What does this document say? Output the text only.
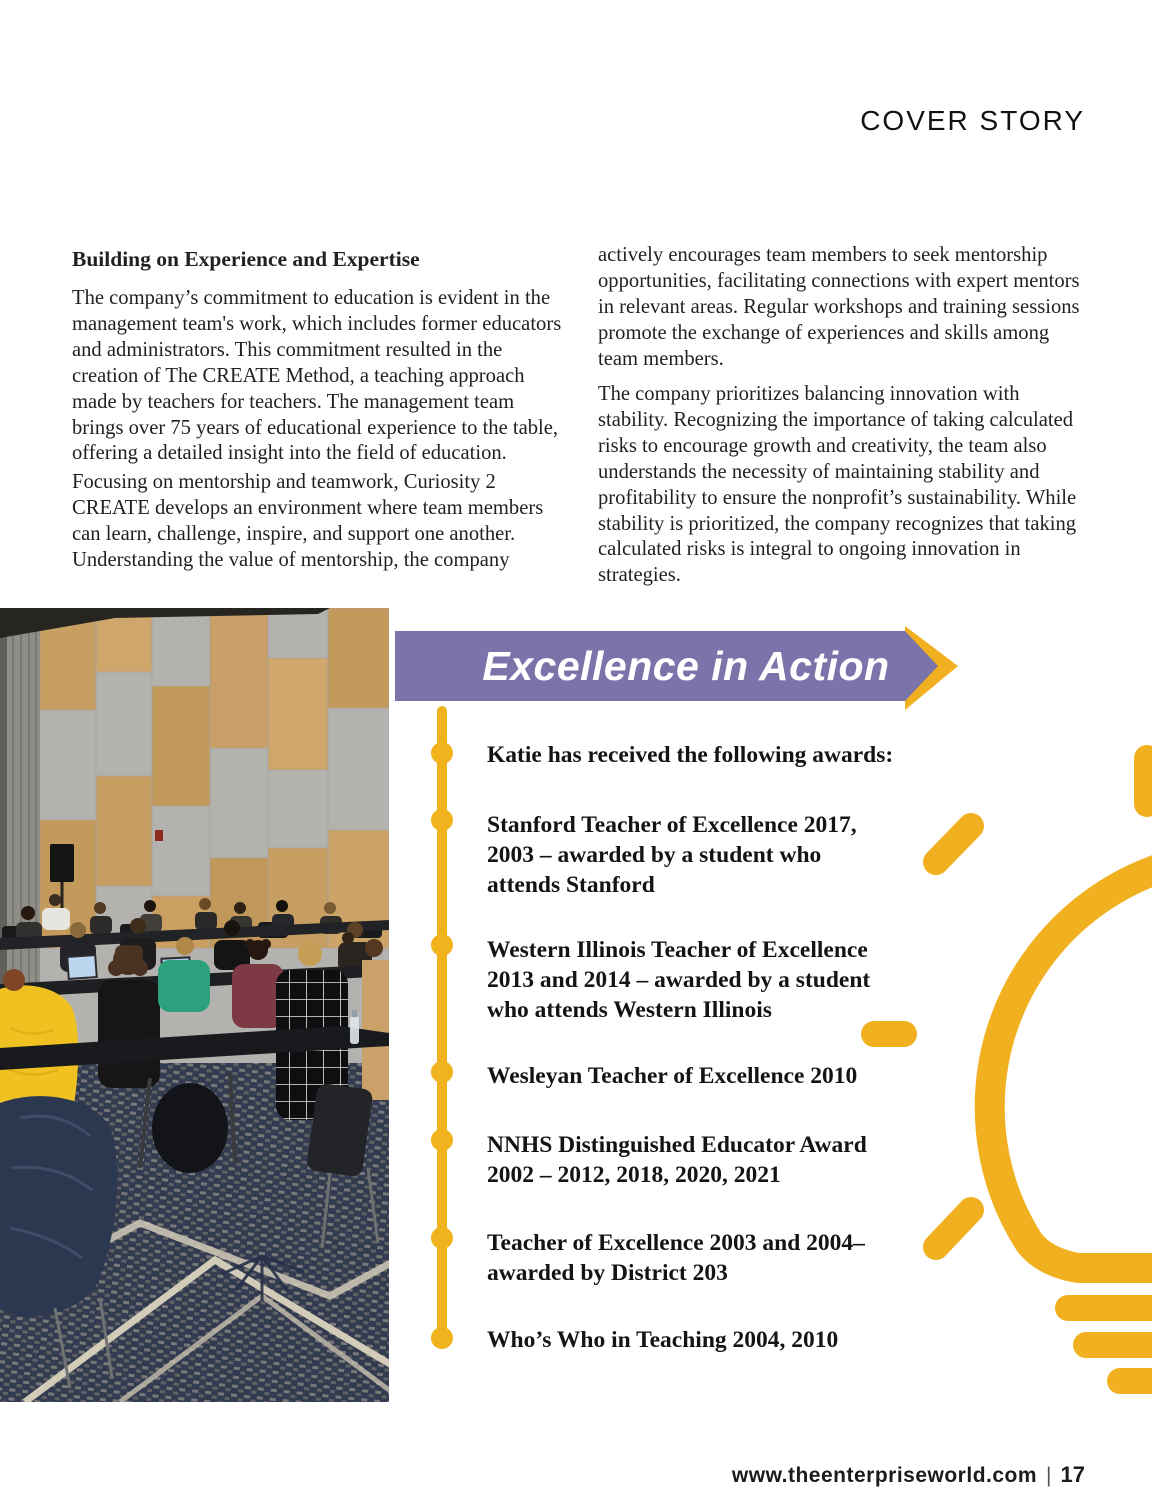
COVER STORY
Building on Experience and Expertise
The company’s commitment to education is evident in the management team's work, which includes former educators and administrators. This commitment resulted in the creation of The CREATE Method, a teaching approach made by teachers for teachers. The management team brings over 75 years of educational experience to the table, offering a detailed insight into the field of education.
Focusing on mentorship and teamwork, Curiosity 2 CREATE develops an environment where team members can learn, challenge, inspire, and support one another. Understanding the value of mentorship, the company
actively encourages team members to seek mentorship opportunities, facilitating connections with expert mentors in relevant areas. Regular workshops and training sessions promote the exchange of experiences and skills among team members.
The company prioritizes balancing innovation with stability. Recognizing the importance of taking calculated risks to encourage growth and creativity, the team also understands the necessity of maintaining stability and profitability to ensure the nonprofit’s sustainability. While stability is prioritized, the company recognizes that taking calculated risks is integral to ongoing innovation in strategies.
Excellence in Action
Katie has received the following awards:
Stanford Teacher of Excellence 2017,
2003 – awarded by a student who
attends Stanford
Western Illinois Teacher of Excellence
2013 and 2014 – awarded by a student
who attends Western Illinois
Wesleyan Teacher of Excellence 2010
NNHS Distinguished Educator Award
2002 – 2012, 2018, 2020, 2021
Teacher of Excellence 2003 and 2004–
awarded by District 203
Who’s Who in Teaching 2004, 2010
www.theenterpriseworld.com | 17
